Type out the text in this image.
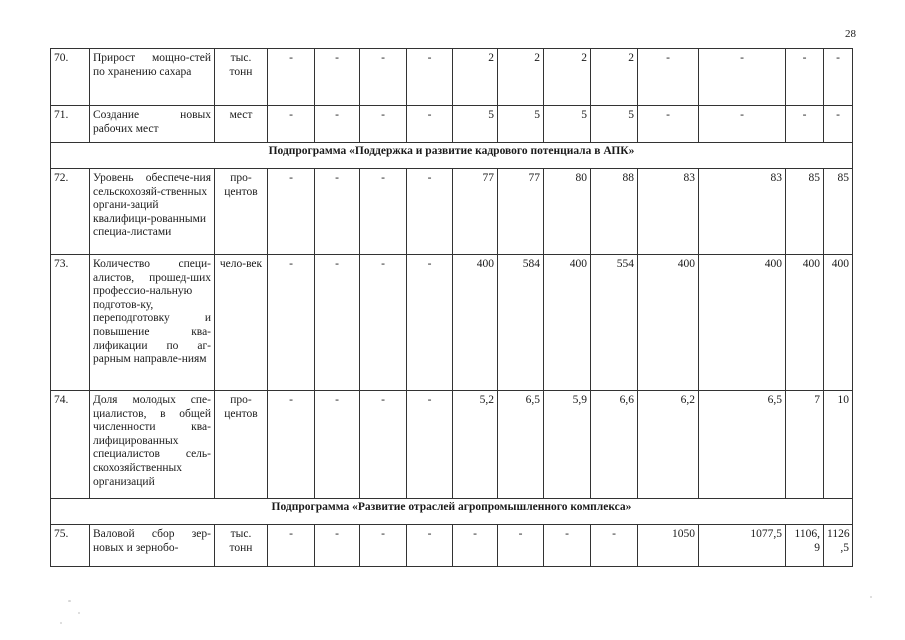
28
70.	Прирост мощно-стей по хранению сахара	тыс. тонн	-	-	-	-	2	2	2	2	-	-	-	-
71.	Создание новых рабочих мест	мест	-	-	-	-	5	5	5	5	-	-	-	-
Подпрограмма «Поддержка и развитие кадрового потенциала в АПК»														
72.	Уровень обеспече-ния сельскохозяй-ственных органи-заций квалифици-рованными специа-листами	про-центов	-	-	-	-	77	77	80	88	83	83	85	85
73.	Количество специ-алистов, прошед-ших профессио-нальную подготов-ку, переподготовку и повышение ква-лификации по аг-рарным направле-ниям	чело-век	-	-	-	-	400	584	400	554	400	400	400	400
74.	Доля молодых спе-циалистов, в общей численности ква-лифицированных специалистов сель-скохозяйственных организаций	про-центов	-	-	-	-	5,2	6,5	5,9	6,6	6,2	6,5	7	10
Подпрограмма «Развитие отраслей агропромышленного комплекса»														
75.	Валовой сбор зер-новых и зернобо-	тыс. тонн	-	-	-	-	-	-	-	-	1050	1077,5	1106, 9	1126 ,5
